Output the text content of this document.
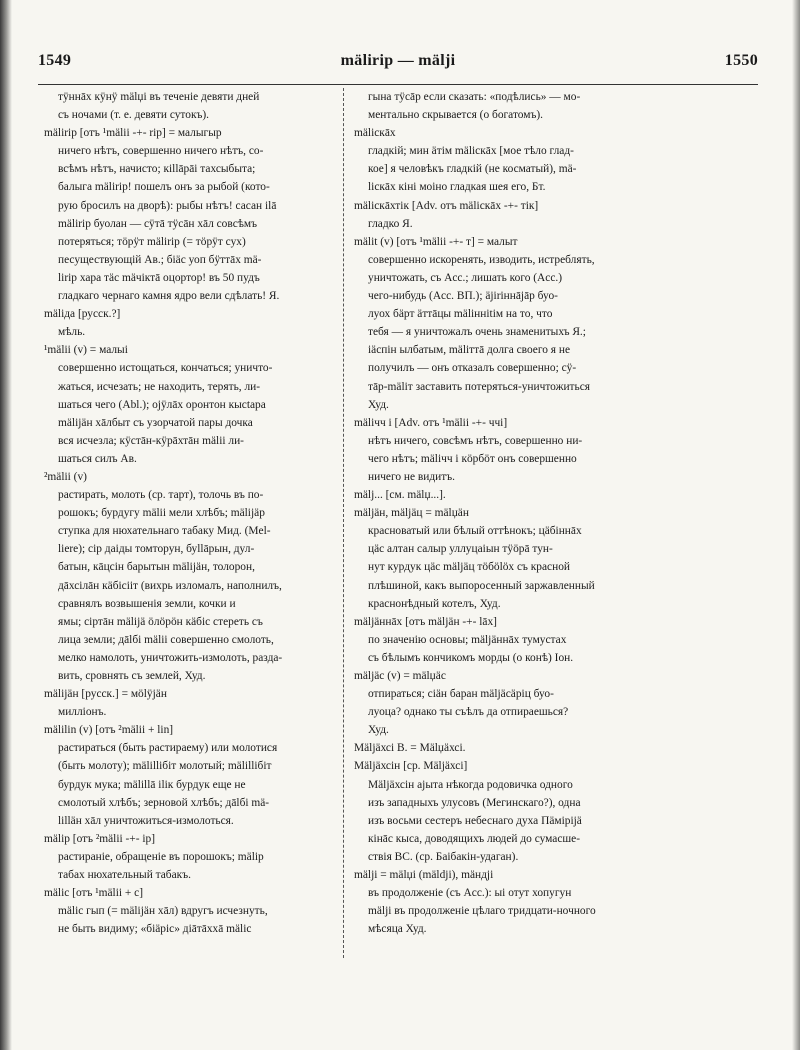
1549	mälirip — mälji	1550
тÿннāх кÿнÿ mälџi въ теченіе девяти дней
съ ночами (т. е. девяти сутокъ).
mälirip [отъ ¹mälii -+- rip] = малыгыр
ничего нѣтъ, совершенно ничего нѣтъ, со-
всѣмъ нѣтъ, начисто; кіllāрāі тахсыбыта;
балыга mälirip! пошелъ онъ за рыбой (кото-
рую бросилъ на дворѣ): рыбы нѣтъ! сасан ilā
mälirip буолан — сÿтā тÿсāн хāл совсѣмъ
потеряться; тöрÿт mälirip (= тöрÿт сух)
песуществующій Ав.; біäс уоп бÿттāх mä-
lirip хара тäс mäчіктā оцортор! въ 50 пудъ
гладкаго чернаго камня ядро вели сдѣлать! Я.
mälіда [русск.?]
мѣль.
¹mälii (v) = малыі
совершенно истощаться, кончаться; уничто-
жаться, исчезать; не находить, терять, ли-
шаться чего (Abl.); оjÿлāх оронтон кысtара
mälijäн хāлбыт съ узорчатой пары дочка
вся исчезла; кÿстāн-кÿрāхтāн mälii ли-
шаться силъ Ав.
²mälii (v)
растирать, молоть (ср. тарт), толочь въ по-
рошокъ; бурдугу mälii мели хлѣбъ; mälijäp
ступка для нюхательнаго табаку Мид. (Mel-
liere); сір даіды томторун, буllāрын, дул-
батын, кāцсін барытын mälijäн, толорон,
дāхсілāн кäбісііт (вихрь изломалъ, наполнилъ,
сравнялъ возвышенія земли, кочки и
ямы; сіртāн mälijä öлöрöн кäбіс стереть съ
лица земли; дālбі mälii совершенно смолоть,
мелко намолоть, уничтожить-измолоть, разда-
вить, сровнять съ землей, Худ.
mälijäн [русск.] = мölÿjäн
милліонъ.
mälilin (v) [отъ ²mälii + lin]
растираться (быть растираему) или молотися
(быть молоту); mälilliбіт молотый; mälilliбіт
бурдук мука; mälillā ilік бурдук еще не
смолотый хлѣбъ; зерновой хлѣбъ; дālбі mä-
lilläн хāл уничтожиться-измолоться.
mälip [отъ ²mälii -+- ip]
растираніе, обращеніе въ порошокъ; mälip
табах нюхательный табакъ.
mälic [отъ ¹mälii + c]
mälic гып (= mälijäн хāл) вдругъ исчезнуть,
не быть видиму; «біäріс» дiāтāххā mälic
гына тÿсāр если сказать: «подѣлись» — мо-
ментально скрывается (о богатомъ).
mäliскāх
гладкій; мин äтім mäliскāх [мое тѣло глад-
кое] я человѣкъ гладкій (не косматый), mä-
liскāх кіні моіно гладкая шея его, Бт.
mäliскāхтік [Adv. отъ mäliскāх -+- тік]
гладко Я.
mälit (v) [отъ ¹mälii -+- т] = малыт
совершенно искоренять, изводить, истреблять,
уничтожать, съ Acc.; лишать кого (Acc.)
чего-нибудь (Acc. ВП.); äjіriннājāр буо-
луох бäрт äттāцы mäliнніtім на то, что
тебя — я уничтожалъ очень знаменитыхъ Я.;
iäспін ылбатым, mälіттā долга своего я не
получилъ — онъ отказалъ совершенно; сÿ-
тāр-mäliт заставить потеряться-уничтожиться
Худ.
mälічч і [Adv. отъ ¹mälii -+- ччі]
нѣтъ ничего, совсѣмъ нѣтъ, совершенно ни-
чего нѣтъ; mälічч і кöрбöт онъ совершенно
ничего не видитъ.
mälj... [см. mälџ...].
mäljäн, mäljäц = mälџäн
красноватый или бѣлый оттѣнокъ; цäбіннāх
цäс алтан салыр уллуцаіын тÿöрā тун-
нут курдук цäс mäljäц тöбölöх съ красной
плѣшиной, какъ выпоросенный заржавленный
краснонѣдный котелъ, Худ.
mäljäннāх [отъ mäljäн -+- lāх]
по значенію основы; mäljäннāх тумустах
съ бѣлымъ кончикомъ морды (о конѣ) Іон.
mäljäc (v) = mälџäc
отпираться; сіäн баран mäljäсäріц буо-
луоца? однако ты съѣлъ да отпираешься?
Худ.
Mäljäхсі B. = Mälџäхсі.
Mäljäхсін [ср. Mäljäхсі]
Mäljäхсін аjыта нѣкогда родовичка одного
изъ западныхъ улусовъ (Мегинскаго?), одна
изъ восьми сестеръ небеснаго духа Пäмірijä
кінāс кыса, доводящихъ людей до сумасше-
ствія ВС. (ср. Баібакін-удаган).
mälji = mälџi (mäldji), mäндji
въ продолженіе (съ Acc.): ыі отут хопугун
mälji въ продолженіе цѣлаго тридцати-ночного
мѣсяца Худ.
